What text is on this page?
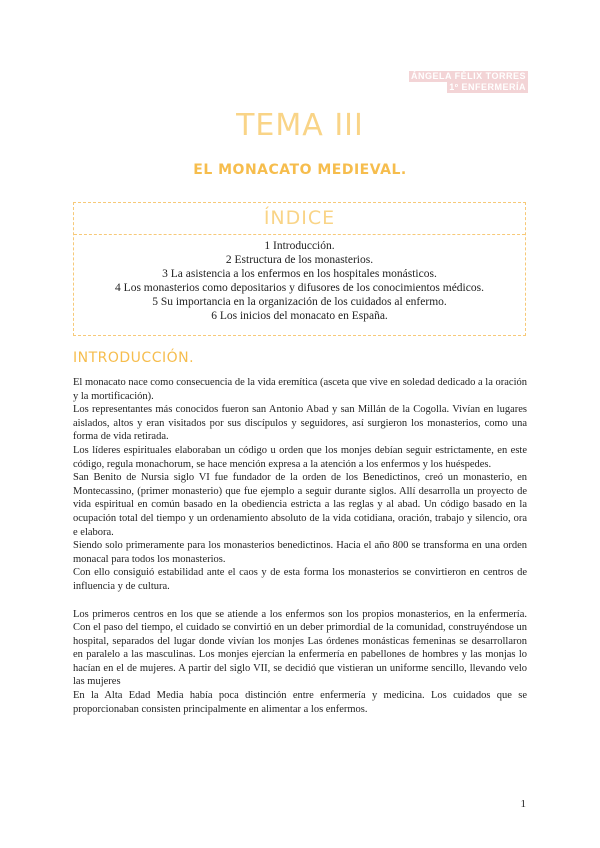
ÁNGELA FÉLIX TORRES
1º ENFERMERÍA
TEMA III
EL MONACATO MEDIEVAL.
ÍNDICE
1 Introducción.
2 Estructura de los monasterios.
3 La asistencia a los enfermos en los hospitales monásticos.
4 Los monasterios como depositarios y difusores de los conocimientos médicos.
5 Su importancia en la organización de los cuidados al enfermo.
6 Los inicios del monacato en España.
INTRODUCCIÓN.

El monacato nace como consecuencia de la vida eremítica (asceta que vive en soledad dedicado a la oración y la mortificación).

Los representantes más conocidos fueron san Antonio Abad y san Millán de la Cogolla. Vivían en lugares aislados, altos y eran visitados por sus discípulos y seguidores, así surgieron los monasterios, como una forma de vida retirada.

Los líderes espirituales elaboraban un código u orden que los monjes debían seguir estrictamente, en este código, regula monachorum, se hace mención expresa a la atención a los enfermos y los huéspedes.

San Benito de Nursia siglo VI fue fundador de la orden de los Benedictinos, creó un monasterio, en Montecassino, (primer monasterio) que fue ejemplo a seguir durante siglos. Allí desarrolla un proyecto de vida espiritual en común basado en la obediencia estricta a las reglas y al abad. Un código basado en la ocupación total del tiempo y un ordenamiento absoluto de la vida cotidiana, oración, trabajo y silencio, ora e elabora.

Siendo solo primeramente para los monasterios benedictinos. Hacia el año 800 se transforma en una orden monacal para todos los monasterios.

Con ello consiguió estabilidad ante el caos y de esta forma los monasterios se convirtieron en centros de influencia y de cultura.

Los primeros centros en los que se atiende a los enfermos son los propios monasterios, en la enfermería. Con el paso del tiempo, el cuidado se convirtió en un deber primordial de la comunidad, construyéndose un hospital, separados del lugar donde vivían los monjes Las órdenes monásticas femeninas se desarrollaron en paralelo a las masculinas. Los monjes ejercían la enfermería en pabellones de hombres y las monjas lo hacían en el de mujeres. A partir del siglo VII, se decidió que vistieran un uniforme sencillo, llevando velo las mujeres

En la Alta Edad Media había poca distinción entre enfermería y medicina. Los cuidados que se proporcionaban consisten principalmente en alimentar a los enfermos.

1
